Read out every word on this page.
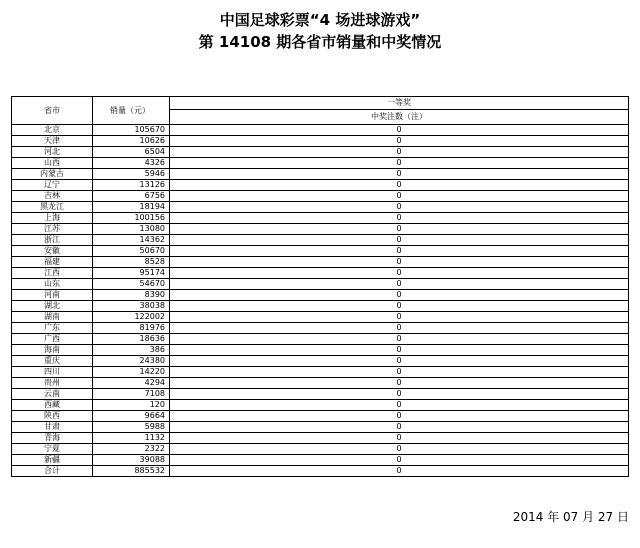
中国足球彩票“4 场进球游戏”
第 14108 期各省市销量和中奖情况
省市	销量（元）	一等奖
		中奖注数（注）
北京	105670	0
天津	10626	0
河北	6504	0
山西	4326	0
内蒙古	5946	0
辽宁	13126	0
吉林	6756	0
黑龙江	18194	0
上海	100156	0
江苏	13080	0
浙江	14362	0
安徽	50670	0
福建	8528	0
江西	95174	0
山东	54670	0
河南	8390	0
湖北	38038	0
湖南	122002	0
广东	81976	0
广西	18636	0
海南	386	0
重庆	24380	0
四川	14220	0
贵州	4294	0
云南	7108	0
西藏	120	0
陕西	9664	0
甘肃	5988	0
青海	1132	0
宁夏	2322	0
新疆	39088	0
合计	885532	0
2014 年 07 月 27 日
